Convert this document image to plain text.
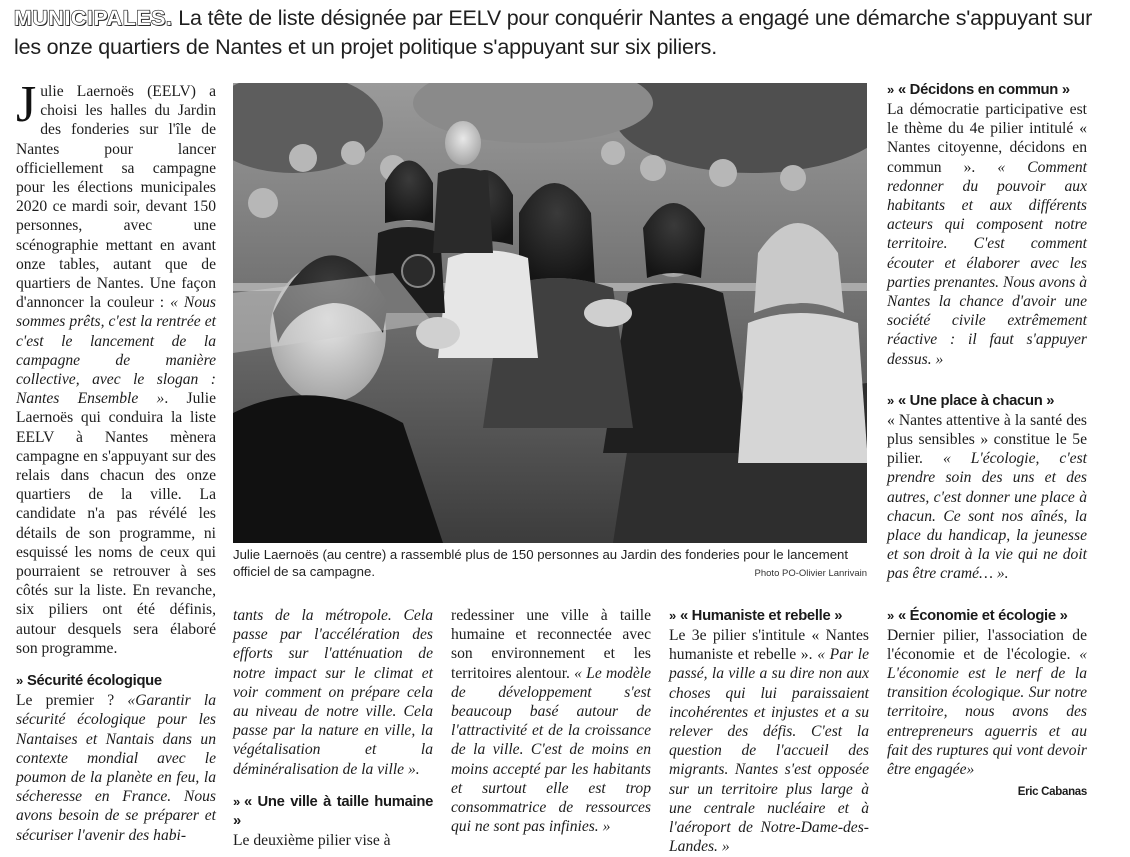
MUNICIPALES. La tête de liste désignée par EELV pour conquérir Nantes a engagé une démarche s'appuyant sur les onze quartiers de Nantes et un projet politique s'appuyant sur six piliers.

Julie Laernoës (EELV) a choisi les halles du Jardin des fonderies sur l'île de Nantes pour lancer officiellement sa campagne pour les élections municipales 2020 ce mardi soir, devant 150 personnes, avec une scénographie mettant en avant onze tables, autant que de quartiers de Nantes. Une façon d'annoncer la couleur : « Nous sommes prêts, c'est la rentrée et c'est le lancement de la campagne de manière collective, avec le slogan : Nantes Ensemble ». Julie Laernoës qui conduira la liste EELV à Nantes mènera campagne en s'appuyant sur des relais dans chacun des onze quartiers de la ville. La candidate n'a pas révélé les détails de son programme, ni esquissé les noms de ceux qui pourraient se retrouver à ses côtés sur la liste. En revanche, six piliers ont été définis, autour desquels sera élaboré son programme.

» Sécurité écologique

Le premier ? «Garantir la sécurité écologique pour les Nantaises et Nantais dans un contexte mondial avec le poumon de la planète en feu, la sécheresse en France. Nous avons besoin de se préparer et sécuriser l'avenir des habi-

Julie Laernoës (au centre) a rassemblé plus de 150 personnes au Jardin des fonderies pour le lancement officiel de sa campagne.	Photo PO-Olivier Lanrivain

tants de la métropole. Cela passe par l'accélération des efforts sur l'atténuation de notre impact sur le climat et voir comment on prépare cela au niveau de notre ville. Cela passe par la nature en ville, la végétalisation et la déminéralisation de la ville ».

» « Une ville à taille humaine »

Le deuxième pilier vise à

redessiner une ville à taille humaine et reconnectée avec son environnement et les territoires alentour. « Le modèle de développement s'est beaucoup basé autour de l'attractivité et de la croissance de la ville. C'est de moins en moins accepté par les habitants et surtout elle est trop consommatrice de ressources qui ne sont pas infinies. »

» « Humaniste et rebelle »

Le 3e pilier s'intitule « Nantes humaniste et rebelle ». « Par le passé, la ville a su dire non aux choses qui lui paraissaient incohérentes et injustes et a su relever des défis. C'est la question de l'accueil des migrants. Nantes s'est opposée sur un territoire plus large à une centrale nucléaire et à l'aéroport de Notre-Dame-des-Landes. »

» « Décidons en commun »

La démocratie participative est le thème du 4e pilier intitulé « Nantes citoyenne, décidons en commun ». « Comment redonner du pouvoir aux habitants et aux différents acteurs qui composent notre territoire. C'est comment écouter et élaborer avec les parties prenantes. Nous avons à Nantes la chance d'avoir une société civile extrêmement réactive : il faut s'appuyer dessus. »

» « Une place à chacun »

« Nantes attentive à la santé des plus sensibles » constitue le 5e pilier. « L'écologie, c'est prendre soin des uns et des autres, c'est donner une place à chacun. Ce sont nos aînés, la place du handicap, la jeunesse et son droit à la vie qui ne doit pas être cramé… ».

» « Économie et écologie »

Dernier pilier, l'association de l'économie et de l'écologie. « L'économie est le nerf de la transition écologique. Sur notre territoire, nous avons des entrepreneurs aguerris et au fait des ruptures qui vont devoir être engagée»

Eric Cabanas
